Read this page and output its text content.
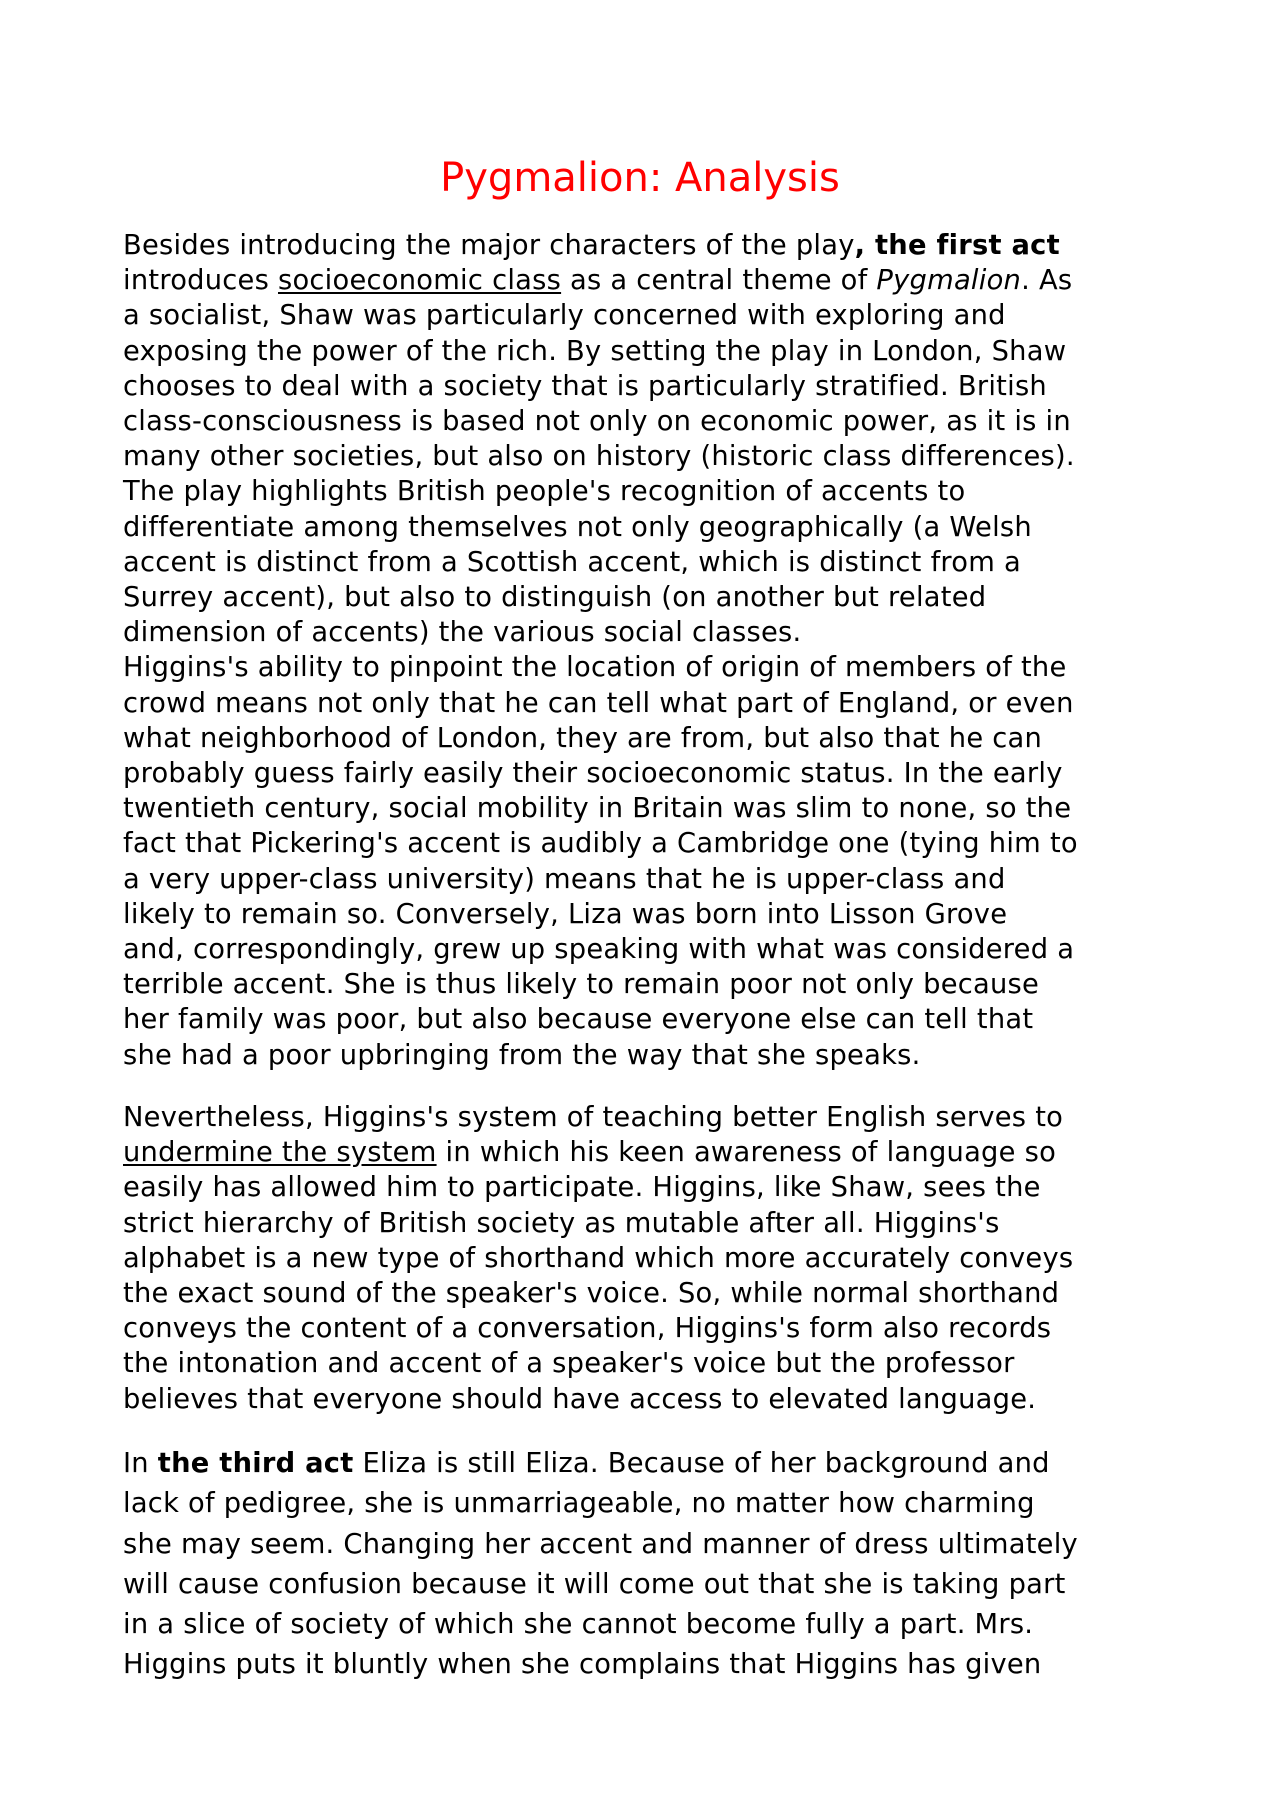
Pygmalion: Analysis

Besides introducing the major characters of the play, the first act
introduces socioeconomic class as a central theme of Pygmalion. As
a socialist, Shaw was particularly concerned with exploring and
exposing the power of the rich. By setting the play in London, Shaw
chooses to deal with a society that is particularly stratified. British
class-consciousness is based not only on economic power, as it is in
many other societies, but also on history (historic class differences).
The play highlights British people's recognition of accents to
differentiate among themselves not only geographically (a Welsh
accent is distinct from a Scottish accent, which is distinct from a
Surrey accent), but also to distinguish (on another but related
dimension of accents) the various social classes.
Higgins's ability to pinpoint the location of origin of members of the
crowd means not only that he can tell what part of England, or even
what neighborhood of London, they are from, but also that he can
probably guess fairly easily their socioeconomic status. In the early
twentieth century, social mobility in Britain was slim to none, so the
fact that Pickering's accent is audibly a Cambridge one (tying him to
a very upper-class university) means that he is upper-class and
likely to remain so. Conversely, Liza was born into Lisson Grove
and, correspondingly, grew up speaking with what was considered a
terrible accent. She is thus likely to remain poor not only because
her family was poor, but also because everyone else can tell that
she had a poor upbringing from the way that she speaks.

Nevertheless, Higgins's system of teaching better English serves to
undermine the system in which his keen awareness of language so
easily has allowed him to participate. Higgins, like Shaw, sees the
strict hierarchy of British society as mutable after all. Higgins's
alphabet is a new type of shorthand which more accurately conveys
the exact sound of the speaker's voice. So, while normal shorthand
conveys the content of a conversation, Higgins's form also records
the intonation and accent of a speaker's voice but the professor
believes that everyone should have access to elevated language.

In the third act Eliza is still Eliza. Because of her background and
lack of pedigree, she is unmarriageable, no matter how charming
she may seem. Changing her accent and manner of dress ultimately
will cause confusion because it will come out that she is taking part
in a slice of society of which she cannot become fully a part. Mrs.
Higgins puts it bluntly when she complains that Higgins has given
